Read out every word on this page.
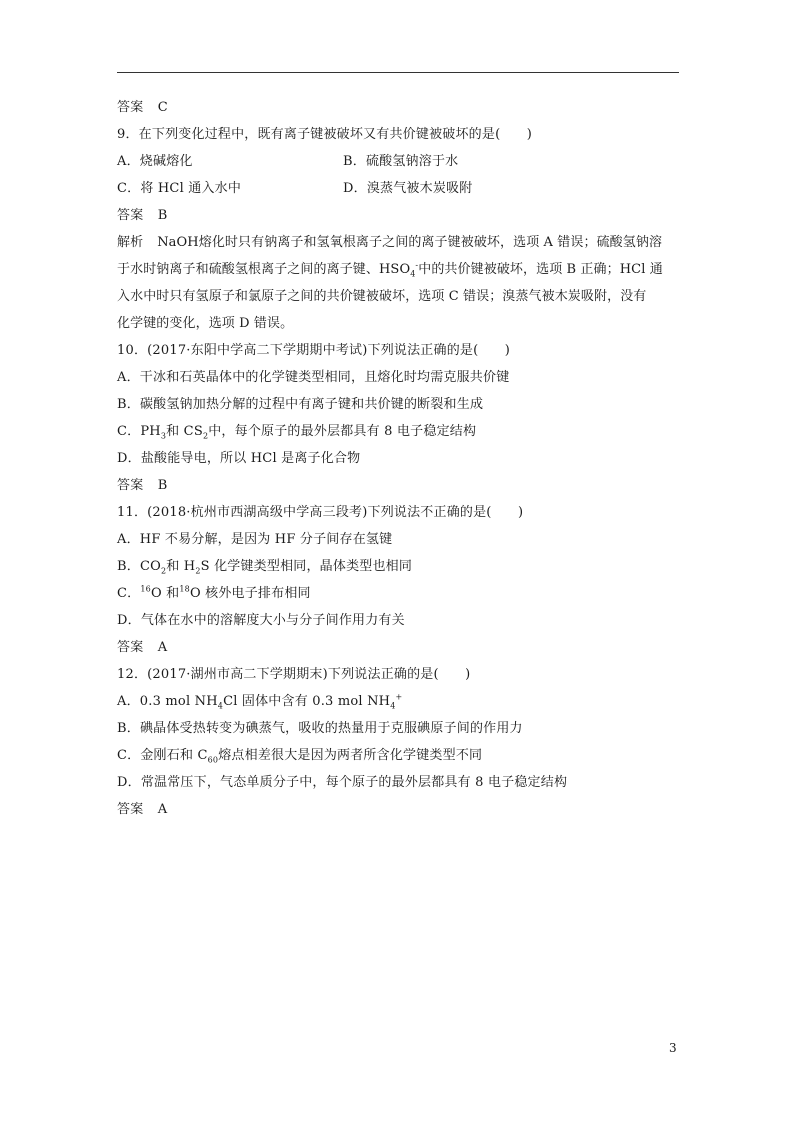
答案 C
9．在下列变化过程中，既有离子键被破坏又有共价键被破坏的是(　　)
A．烧碱熔化	B．硫酸氢钠溶于水
C．将 HCl 通入水中	D．溴蒸气被木炭吸附
答案 B
解析 NaOH熔化时只有钠离子和氢氧根离子之间的离子键被破坏，选项 A 错误；硫酸氢钠溶
于水时钠离子和硫酸氢根离子之间的离子键、$HSO_4^-$中的共价键被破坏，选项 B 正确；HCl 通
入水中时只有氢原子和氯原子之间的共价键被破坏，选项 C 错误；溴蒸气被木炭吸附，没有
化学键的变化，选项 D 错误。
10．(2017·东阳中学高二下学期期中考试)下列说法正确的是(　　)
A．干冰和石英晶体中的化学键类型相同，且熔化时均需克服共价键
B．碳酸氢钠加热分解的过程中有离子键和共价键的断裂和生成
C．$PH_3$和 $CS_2$中，每个原子的最外层都具有 8 电子稳定结构
D．盐酸能导电，所以 HCl 是离子化合物
答案 B
11．(2018·杭州市西湖高级中学高三段考)下列说法不正确的是(　　)
A．HF 不易分解，是因为 HF 分子间存在氢键
B．$CO_2$和 $H_2S$ 化学键类型相同，晶体类型也相同
C．$^{16}$O 和$^{18}$O 核外电子排布相同
D．气体在水中的溶解度大小与分子间作用力有关
答案 A
12．(2017·湖州市高二下学期期末)下列说法正确的是(　　)
A．0.3 mol $NH_4Cl$ 固体中含有 0.3 mol $NH_4^+$
B．碘晶体受热转变为碘蒸气，吸收的热量用于克服碘原子间的作用力
C．金刚石和 $C_{60}$熔点相差很大是因为两者所含化学键类型不同
D．常温常压下，气态单质分子中，每个原子的最外层都具有 8 电子稳定结构
答案 A
3
